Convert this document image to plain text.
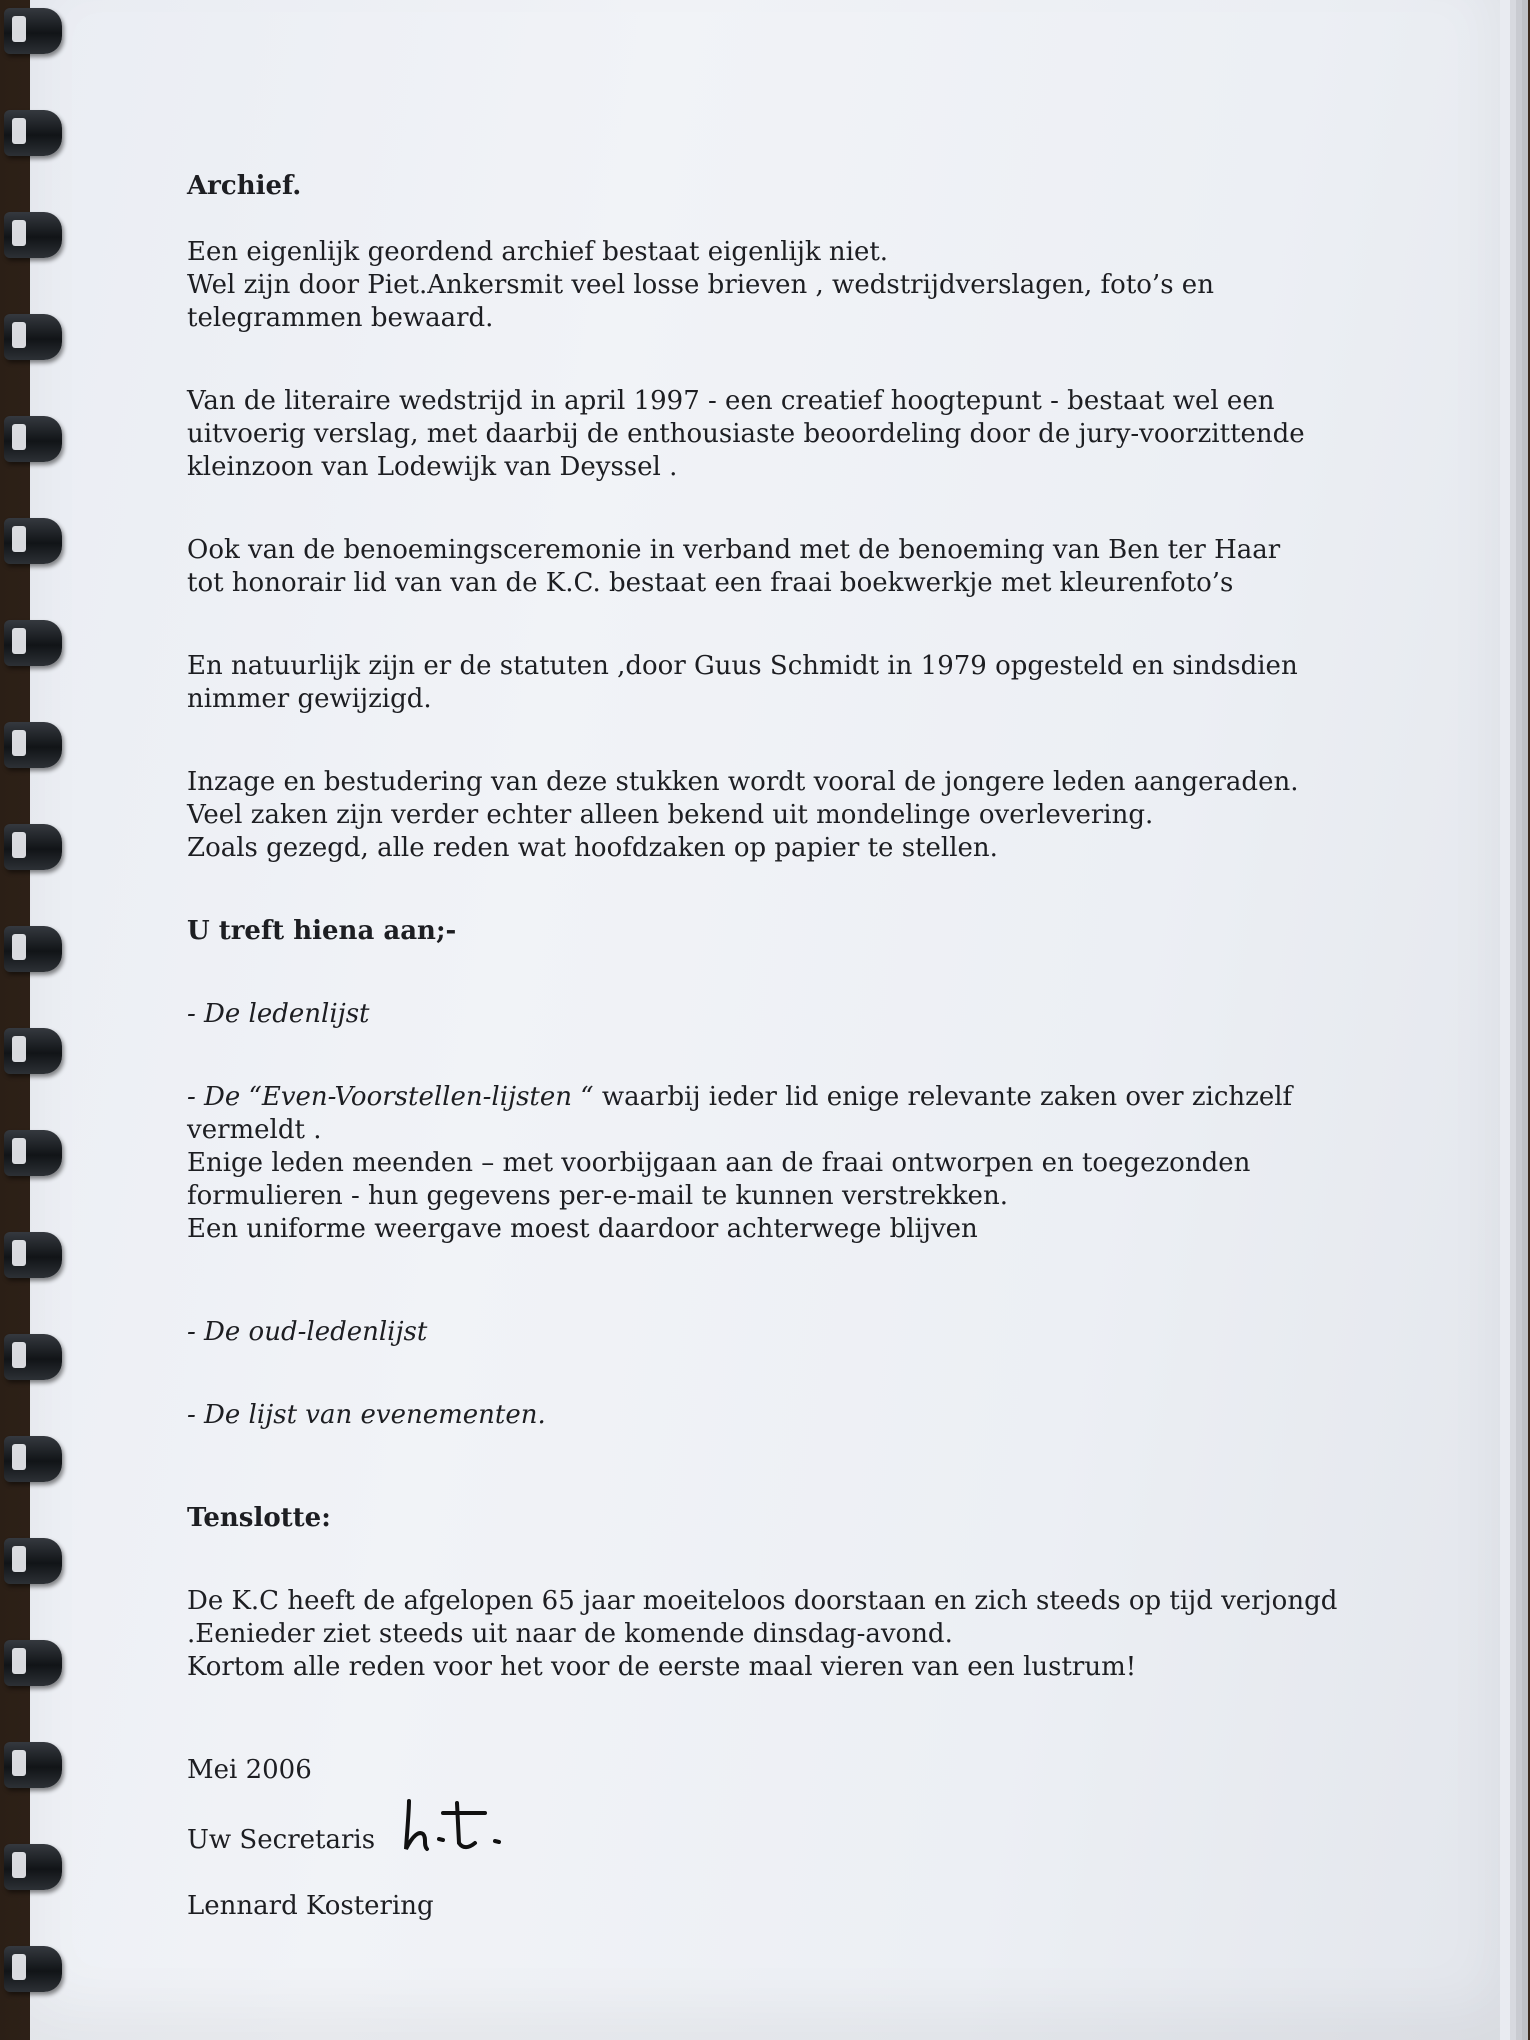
Archief.

Een eigenlijk geordend archief bestaat eigenlijk niet.

Wel zijn door Piet.Ankersmit veel losse brieven , wedstrijdverslagen, foto’s en

telegrammen bewaard.

Van de literaire wedstrijd in april 1997 - een creatief hoogtepunt - bestaat wel een

uitvoerig verslag, met daarbij de enthousiaste beoordeling door de jury-voorzittende

kleinzoon van Lodewijk van Deyssel .

Ook van de benoemingsceremonie in verband met de benoeming van Ben ter Haar

tot honorair lid van van de K.C. bestaat een fraai boekwerkje met kleurenfoto’s

En natuurlijk zijn er de statuten ,door Guus Schmidt in 1979 opgesteld en sindsdien

nimmer gewijzigd.

Inzage en bestudering van deze stukken wordt vooral de jongere leden aangeraden.

Veel zaken zijn verder echter alleen bekend uit mondelinge overlevering.

Zoals gezegd, alle reden wat hoofdzaken op papier te stellen.

U treft hiena aan;-

- De ledenlijst

- De “Even-Voorstellen-lijsten “ waarbij ieder lid enige relevante zaken over zichzelf

vermeldt .

Enige leden meenden – met voorbijgaan aan de fraai ontworpen en toegezonden

formulieren - hun gegevens per-e-mail te kunnen verstrekken.

Een uniforme weergave moest daardoor achterwege blijven

- De oud-ledenlijst

- De lijst van evenementen.

Tenslotte:

De K.C heeft de afgelopen 65 jaar moeiteloos doorstaan en zich steeds op tijd verjongd

.Eenieder ziet steeds uit naar de komende dinsdag-avond.

Kortom alle reden voor het voor de eerste maal vieren van een lustrum!

Mei 2006

Uw Secretaris

Lennard Kostering
